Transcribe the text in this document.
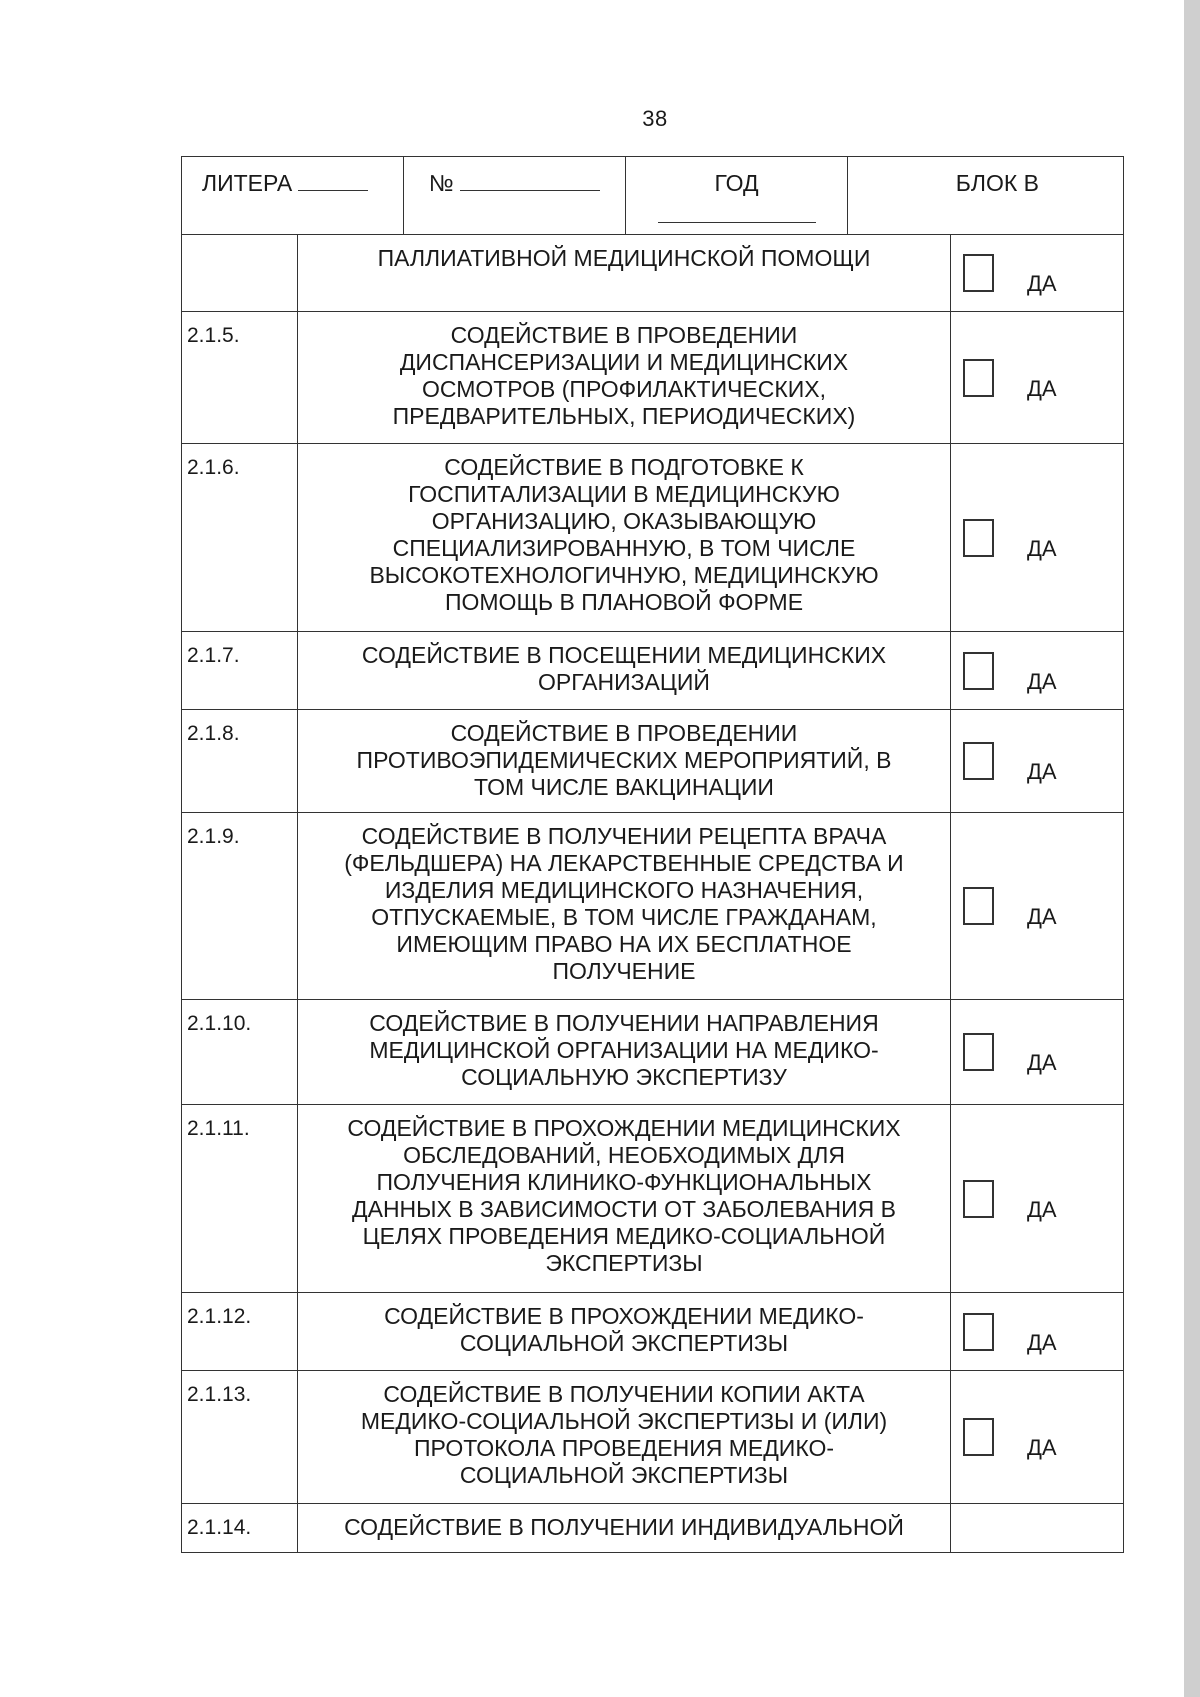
38
ЛИТЕРА	№	ГОД	БЛОК В
ПАЛЛИАТИВНОЙ МЕДИЦИНСКОЙ ПОМОЩИ
ДА
2.1.5.	СОДЕЙСТВИЕ В ПРОВЕДЕНИИ
ДИСПАНСЕРИЗАЦИИ И МЕДИЦИНСКИХ
ОСМОТРОВ (ПРОФИЛАКТИЧЕСКИХ,
ПРЕДВАРИТЕЛЬНЫХ, ПЕРИОДИЧЕСКИХ)
ДА
2.1.6.	СОДЕЙСТВИЕ В ПОДГОТОВКЕ К
ГОСПИТАЛИЗАЦИИ В МЕДИЦИНСКУЮ
ОРГАНИЗАЦИЮ, ОКАЗЫВАЮЩУЮ
СПЕЦИАЛИЗИРОВАННУЮ, В ТОМ ЧИСЛЕ
ВЫСОКОТЕХНОЛОГИЧНУЮ, МЕДИЦИНСКУЮ
ПОМОЩЬ В ПЛАНОВОЙ ФОРМЕ
ДА
2.1.7.	СОДЕЙСТВИЕ В ПОСЕЩЕНИИ МЕДИЦИНСКИХ
ОРГАНИЗАЦИЙ	ДА
2.1.8.	СОДЕЙСТВИЕ В ПРОВЕДЕНИИ
ПРОТИВОЭПИДЕМИЧЕСКИХ МЕРОПРИЯТИЙ, В
ТОМ ЧИСЛЕ ВАКЦИНАЦИИ
ДА
2.1.9.	СОДЕЙСТВИЕ В ПОЛУЧЕНИИ РЕЦЕПТА ВРАЧА
(ФЕЛЬДШЕРА) НА ЛЕКАРСТВЕННЫЕ СРЕДСТВА И
ИЗДЕЛИЯ МЕДИЦИНСКОГО НАЗНАЧЕНИЯ,
ОТПУСКАЕМЫЕ, В ТОМ ЧИСЛЕ ГРАЖДАНАМ,
ИМЕЮЩИМ ПРАВО НА ИХ БЕСПЛАТНОЕ
ПОЛУЧЕНИЕ
ДА
2.1.10.	СОДЕЙСТВИЕ В ПОЛУЧЕНИИ НАПРАВЛЕНИЯ
МЕДИЦИНСКОЙ ОРГАНИЗАЦИИ НА МЕДИКО-
СОЦИАЛЬНУЮ ЭКСПЕРТИЗУ
ДА
2.1.11.	СОДЕЙСТВИЕ В ПРОХОЖДЕНИИ МЕДИЦИНСКИХ
ОБСЛЕДОВАНИЙ, НЕОБХОДИМЫХ ДЛЯ
ПОЛУЧЕНИЯ КЛИНИКО-ФУНКЦИОНАЛЬНЫХ
ДАННЫХ В ЗАВИСИМОСТИ ОТ ЗАБОЛЕВАНИЯ В
ЦЕЛЯХ ПРОВЕДЕНИЯ МЕДИКО-СОЦИАЛЬНОЙ
ЭКСПЕРТИЗЫ
ДА
2.1.12.	СОДЕЙСТВИЕ В ПРОХОЖДЕНИИ МЕДИКО-
СОЦИАЛЬНОЙ ЭКСПЕРТИЗЫ	ДА
2.1.13.	СОДЕЙСТВИЕ В ПОЛУЧЕНИИ КОПИИ АКТА
МЕДИКО-СОЦИАЛЬНОЙ ЭКСПЕРТИЗЫ И (ИЛИ)
ПРОТОКОЛА ПРОВЕДЕНИЯ МЕДИКО-
СОЦИАЛЬНОЙ ЭКСПЕРТИЗЫ
ДА
2.1.14.	СОДЕЙСТВИЕ В ПОЛУЧЕНИИ ИНДИВИДУАЛЬНОЙ
